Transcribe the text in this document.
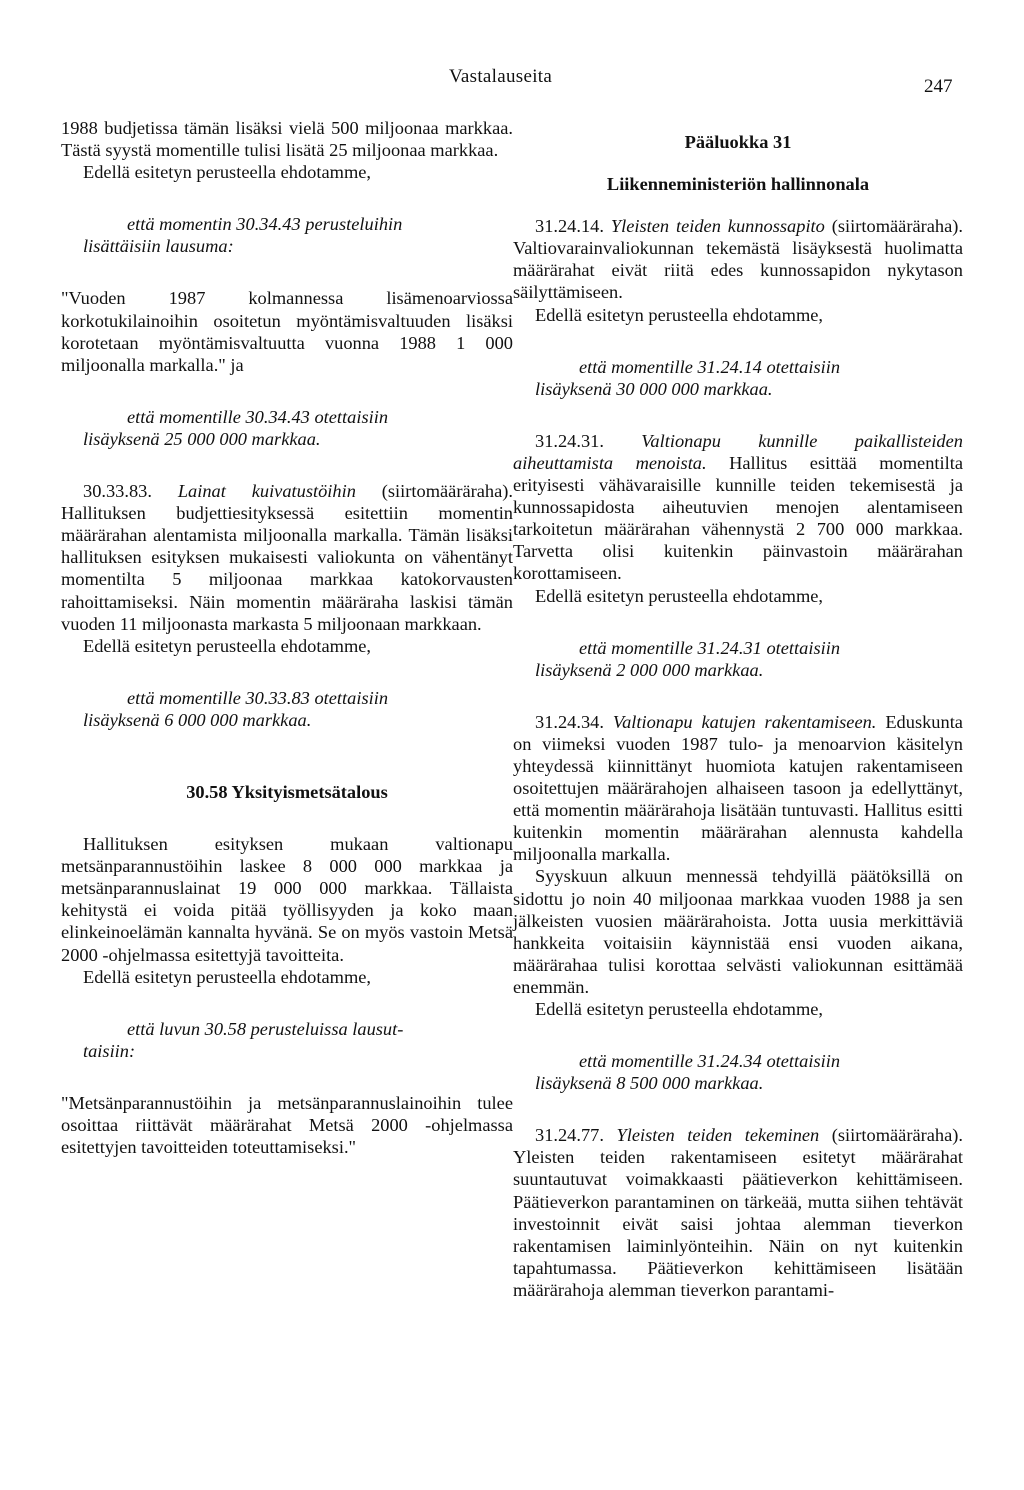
Vastalauseita	247

1988 budjetissa tämän lisäksi vielä 500 miljoonaa markkaa. Tästä syystä momentille tulisi lisätä 25 miljoonaa markkaa.

Edellä esitetyn perusteella ehdotamme,

että momentin 30.34.43 perusteluihin
lisättäisiin lausuma:

"Vuoden 1987 kolmannessa lisämenoarviossa korkotukilainoihin osoitetun myöntämisvaltuuden lisäksi korotetaan myöntämisvaltuutta vuonna 1988 1 000 miljoonalla markalla." ja

että momentille 30.34.43 otettaisiin
lisäyksenä 25 000 000 markkaa.

30.33.83. Lainat kuivatustöihin (siirtomääräraha). Hallituksen budjettiesityksessä esitettiin momentin määrärahan alentamista miljoonalla markalla. Tämän lisäksi hallituksen esityksen mukaisesti valiokunta on vähentänyt momentilta 5 miljoonaa markkaa katokorvausten rahoittamiseksi. Näin momentin määräraha laskisi tämän vuoden 11 miljoonasta markasta 5 miljoonaan markkaan.

Edellä esitetyn perusteella ehdotamme,

että momentille 30.33.83 otettaisiin
lisäyksenä 6 000 000 markkaa.

30.58 Yksityismetsätalous

Hallituksen esityksen mukaan valtionapu metsänparannustöihin laskee 8 000 000 markkaa ja metsänparannuslainat 19 000 000 markkaa. Tällaista kehitystä ei voida pitää työllisyyden ja koko maan elinkeinoelämän kannalta hyvänä. Se on myös vastoin Metsä 2000 -ohjelmassa esitettyjä tavoitteita.

Edellä esitetyn perusteella ehdotamme,

että luvun 30.58 perusteluissa lausut-
taisiin:

"Metsänparannustöihin ja metsänparannuslainoihin tulee osoittaa riittävät määrärahat Metsä 2000 -ohjelmassa esitettyjen tavoitteiden toteuttamiseksi."

Pääluokka 31

Liikenneministeriön hallinnonala

31.24.14. Yleisten teiden kunnossapito (siirtomääräraha). Valtiovarainvaliokunnan tekemästä lisäyksestä huolimatta määrärahat eivät riitä edes kunnossapidon nykytason säilyttämiseen.

Edellä esitetyn perusteella ehdotamme,

että momentille 31.24.14 otettaisiin
lisäyksenä 30 000 000 markkaa.

31.24.31. Valtionapu kunnille paikallisteiden aiheuttamista menoista. Hallitus esittää momentilta erityisesti vähävaraisille kunnille teiden tekemisestä ja kunnossapidosta aiheutuvien menojen alentamiseen tarkoitetun määrärahan vähennystä 2 700 000 markkaa. Tarvetta olisi kuitenkin päinvastoin määrärahan korottamiseen.

Edellä esitetyn perusteella ehdotamme,

että momentille 31.24.31 otettaisiin
lisäyksenä 2 000 000 markkaa.

31.24.34. Valtionapu katujen rakentamiseen. Eduskunta on viimeksi vuoden 1987 tulo- ja menoarvion käsitelyn yhteydessä kiinnittänyt huomiota katujen rakentamiseen osoitettujen määrärahojen alhaiseen tasoon ja edellyttänyt, että momentin määrärahoja lisätään tuntuvasti. Hallitus esitti kuitenkin momentin määrärahan alennusta kahdella miljoonalla markalla.

Syyskuun alkuun mennessä tehdyillä päätöksillä on sidottu jo noin 40 miljoonaa markkaa vuoden 1988 ja sen jälkeisten vuosien määrärahoista. Jotta uusia merkittäviä hankkeita voitaisiin käynnistää ensi vuoden aikana, määrärahaa tulisi korottaa selvästi valiokunnan esittämää enemmän.

Edellä esitetyn perusteella ehdotamme,

että momentille 31.24.34 otettaisiin
lisäyksenä 8 500 000 markkaa.

31.24.77. Yleisten teiden tekeminen (siirtomääräraha). Yleisten teiden rakentamiseen esitetyt määrärahat suuntautuvat voimakkaasti päätieverkon kehittämiseen. Päätieverkon parantaminen on tärkeää, mutta siihen tehtävät investoinnit eivät saisi johtaa alemman tieverkon rakentamisen laiminlyönteihin. Näin on nyt kuitenkin tapahtumassa. Päätieverkon kehittämiseen lisätään määrärahoja alemman tieverkon parantami-
